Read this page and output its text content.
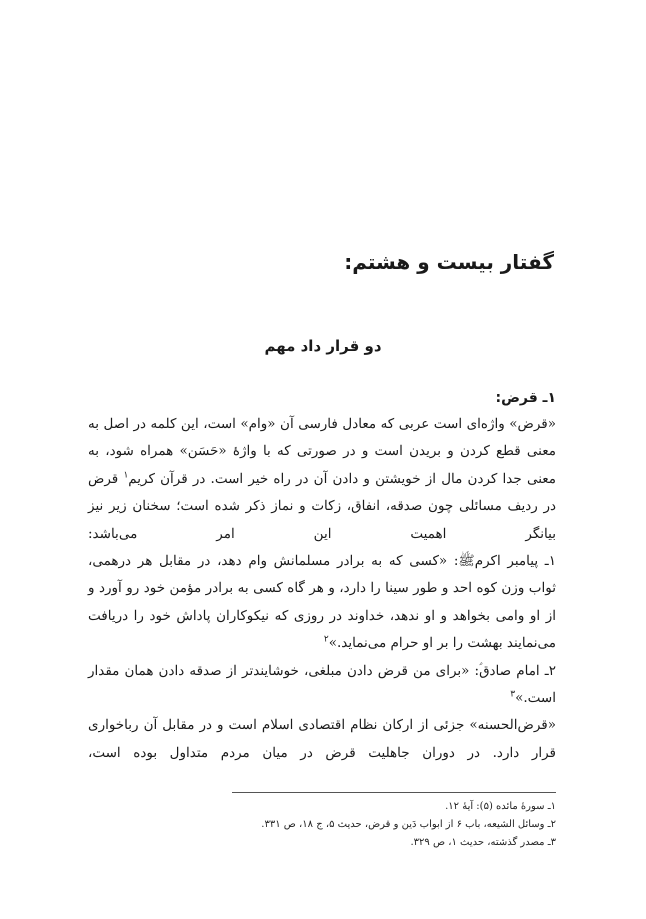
گفتار بیست و هشتم:
دو قرار داد مهم
۱ـ قرض:

«قرض» واژه‌ای است عربی که معادل فارسی آن «وام» است، این کلمه در اصل به معنی قطع کردن و بریدن است و در صورتی که با واژهٔ «حَسَن» همراه شود، به معنی جدا کردن مال از خویشتن و دادن آن در راه خیر است. در قرآن کریم$^۱$ قرض در ردیف مسائلی چون صدقه، انفاق، زکات و نماز ذکر شده است؛ سخنان زیر نیز بیانگر اهمیت این امر می‌باشد:

۱ـ پیامبر اکرم‌ﷺ: «کسی که به برادر مسلمانش وام دهد، در مقابل هر درهمی، ثواب وزن کوه احد و طور سینا را دارد، و هر گاه کسی به برادر مؤمن خود رو آورد و از او وامی بخواهد و او ندهد، خداوند در روزی که نیکوکاران پاداش خود را دریافت می‌نمایند بهشت را بر او حرام می‌نماید.»$^۲$

۲ـ امام صادق‌ؑ: «برای من قرض دادن مبلغی، خوشایندتر از صدقه دادن همان مقدار است.»$^۳$

«قرض‌الحسنه» جزئی از ارکان نظام اقتصادی اسلام است و در مقابل آن رباخواری قرار دارد. در دوران جاهلیت قرض در میان مردم متداول بوده است،

۱ـ سورهٔ مائده (۵): آیهٔ ۱۲.
۲ـ وسائل الشیعه، باب ۶ از ابواب دَین و قرض، حدیث ۵، ج ۱۸، ص ۳۳۱.
۳ـ مصدر گذشته، حدیث ۱، ص ۳۲۹.
